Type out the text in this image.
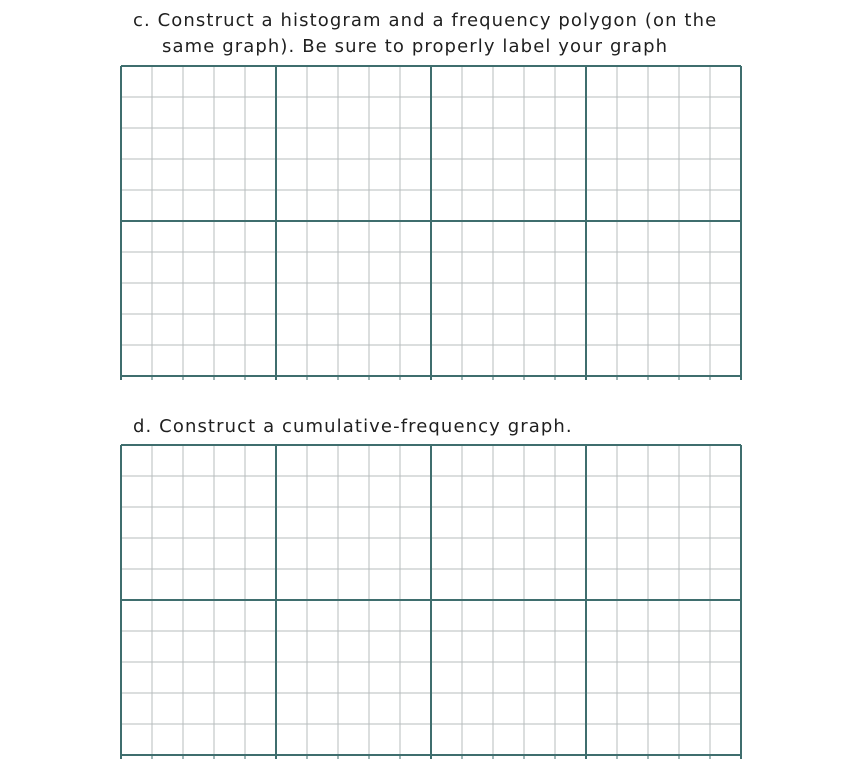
c. Construct a histogram and a frequency polygon (on the

same graph). Be sure to properly label your graph

d. Construct a cumulative-frequency graph.
